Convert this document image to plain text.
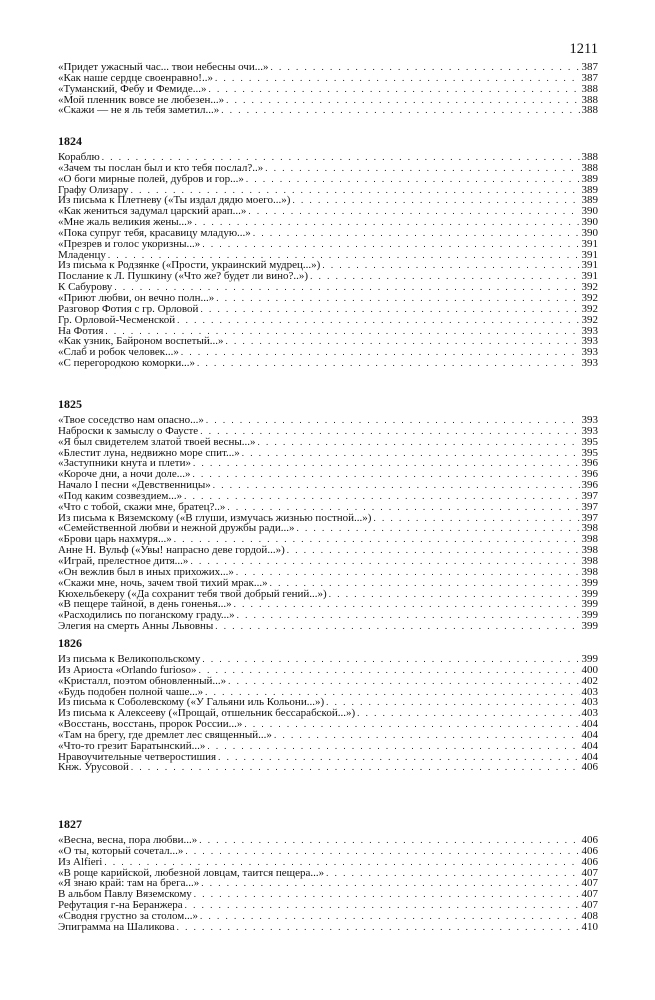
1211
«Придет ужасный час... твои небесны очи...» . . .	387
«Как наше сердце своенравно!..» . . .	387
«Туманский, Фебу и Фемиде...» . . .	388
«Мой пленник вовсе не любезен...» . . .	388
«Скажи — не я ль тебя заметил...» . . .	388
1824
Кораблю . . .	388
«Зачем ты послан был и кто тебя послал?..» . . .	388
«О боги мирные полей, дубров и гор...» . . .	389
Графу Олизару . . .	389
Из письма к Плетневу («Ты издал дядю моего...») . . .	389
«Как жениться задумал царский арап...» . . .	390
«Мне жаль великия жены...» . . .	390
«Пока супруг тебя, красавицу младую...» . . .	390
«Презрев и голос укоризны...» . . .	391
Младенцу . . .	391
Из письма к Родзянке («Прости, украинский мудрец...») . . .	391
Послание к Л. Пушкину («Что же? будет ли вино?..») . . .	391
К Сабурову . . .	392
«Приют любви, он вечно полн...» . . .	392
Разговор Фотия с гр. Орловой . . .	392
Гр. Орловой-Чесменской . . .	392
На Фотия . . .	393
«Как узник, Байроном воспетый...» . . .	393
«Слаб и робок человек...» . . .	393
«С перегородкою коморки...» . . .	393
1825
«Твое соседство нам опасно...» . . .	393
Наброски к замыслу о Фаусте . . .	393
«Я был свидетелем златой твоей весны...» . . .	395
«Блестит луна, недвижно море спит...» . . .	395
«Заступники кнута и плети» . . .	396
«Короче дни, а ночи доле...» . . .	396
Начало I песни «Девственницы» . . .	396
«Под каким созвездием...» . . .	397
«Что с тобой, скажи мне, братец?..» . . .	397
Из письма к Вяземскому («В глуши, измучась жизнью постной...») . . .	397
«Семейственной любви и нежной дружбы ради...» . . .	398
«Брови царь нахмуря...» . . .	398
Анне Н. Вульф («Увы! напрасно деве гордой...») . . .	398
«Играй, прелестное дитя...» . . .	398
«Он вежлив был в иных прихожих...» . . .	398
«Скажи мне, ночь, зачем твой тихий мрак...» . . .	399
Кюхельбекеру («Да сохранит тебя твой добрый гений...») . . .	399
«В пещере тайной, в день гоненья...» . . .	399
«Расходились по поганскому граду...» . . .	399
Элегия на смерть Анны Львовны . . .	399
1826
Из письма к Великопольскому . . .	399
Из Ариоста «Orlando furioso» . . .	400
«Кристалл, поэтом обновленный...» . . .	402
«Будь подобен полной чаше...» . . .	403
Из письма к Соболевскому («У Гальяни иль Кольони...») . . .	403
Из письма к Алексееву («Прощай, отшельник бессарабской...») . . .	403
«Восстань, восстань, пророк России...» . . .	404
«Там на брегу, где дремлет лес священный...» . . .	404
«Что-то грезит Баратынский...» . . .	404
Нравоучительные четверостишия . . .	404
Кнж. Урусовой . . .	406
1827
«Весна, весна, пора любви...» . . .	406
«О ты, который сочетал...» . . .	406
Из Alfieri . . .	406
«В роще карийской, любезной ловцам, таится пещера...» . . .	407
«Я знаю край: там на брега...» . . .	407
В альбом Павлу Вяземскому . . .	407
Рефутация г-на Беранжера . . .	407
«Сводня грустно за столом...» . . .	408
Эпиграмма на Шаликова . . .	410
